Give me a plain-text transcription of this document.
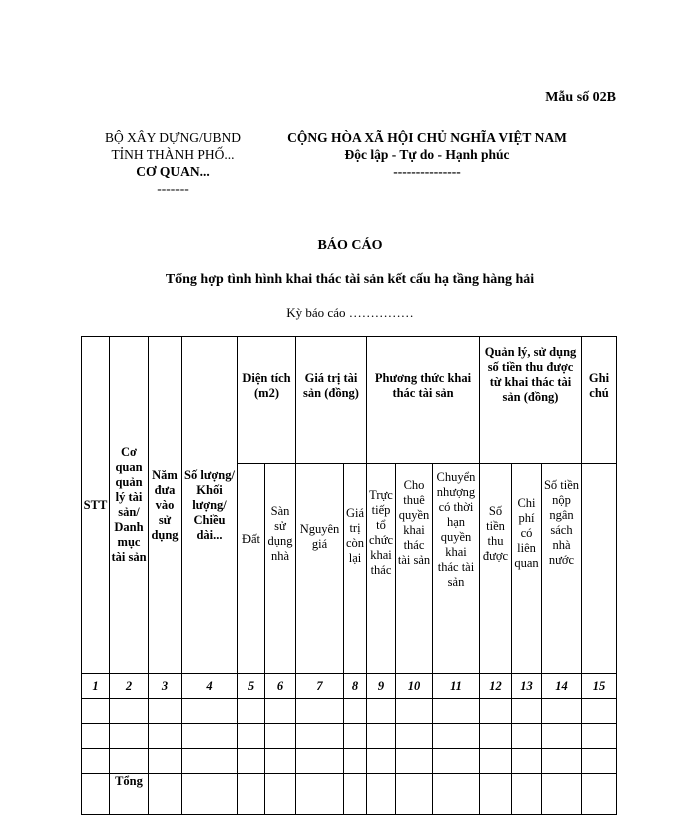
Mẫu số 02B
BỘ XÂY DỰNG/UBND
TỈNH THÀNH PHỐ...
CƠ QUAN...
-------
CỘNG HÒA XÃ HỘI CHỦ NGHĨA VIỆT NAM
Độc lập - Tự do - Hạnh phúc
---------------
BÁO CÁO
Tổng hợp tình hình khai thác tài sản kết cấu hạ tầng hàng hải
Kỳ báo cáo ……………
STT	Cơ quan quản lý tài sản/ Danh mục tài sản	Năm đưa vào sử dụng	Số lượng/ Khối lượng/ Chiều dài...	Diện tích (m2)		Giá trị tài sản (đồng)		Phương thức khai thác tài sản			Quản lý, sử dụng số tiền thu được từ khai thác tài sản (đồng)			Ghi chú
				Đất	Sàn sử dụng nhà	Nguyên giá	Giá trị còn lại	Trực tiếp tổ chức khai thác	Cho thuê quyền khai thác tài sản	Chuyển nhượng có thời hạn quyền khai thác tài sản	Số tiền thu được	Chi phí có liên quan	Số tiền nộp ngân sách nhà nước	
1	2	3	4	5	6	7	8	9	10	11	12	13	14	15

	Tổng													
